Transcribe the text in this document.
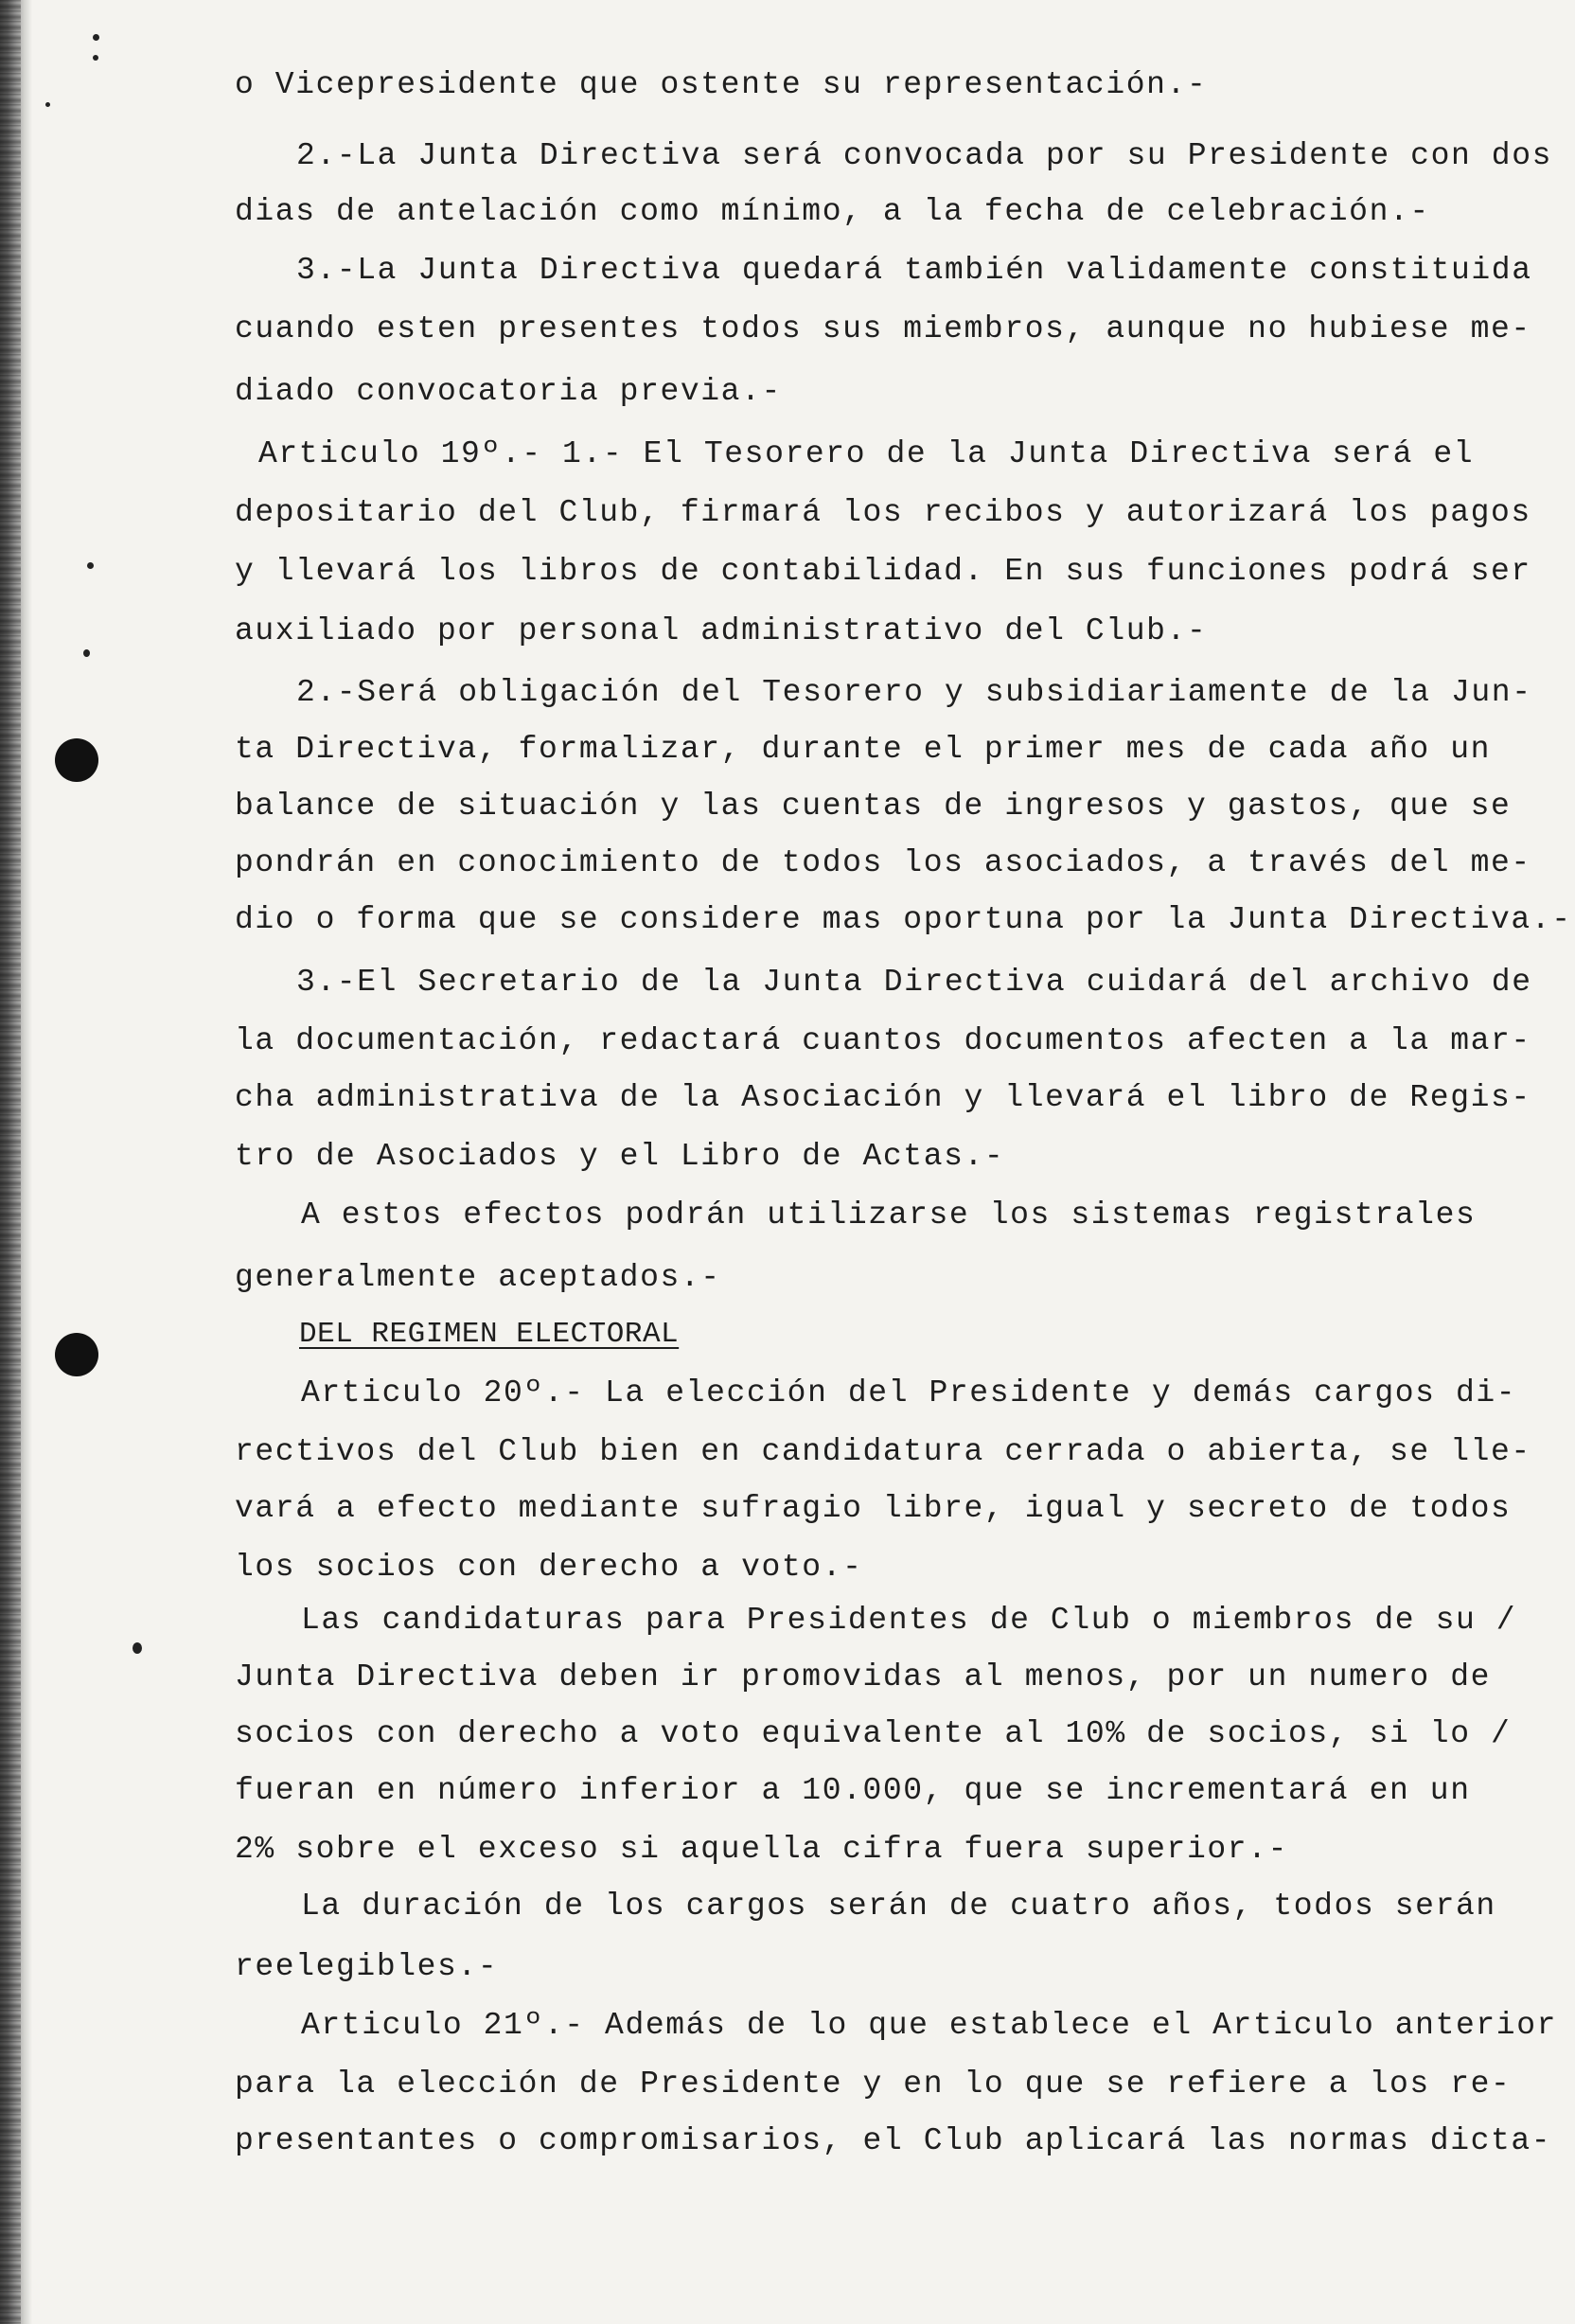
o Vicepresidente que ostente su representación.-
2.-La Junta Directiva será convocada por su Presidente con dos
dias de antelación como mínimo, a la fecha de celebración.-
3.-La Junta Directiva quedará también validamente constituida
cuando esten presentes todos sus miembros, aunque no hubiese me-
diado convocatoria previa.-
Articulo 19º.- 1.- El Tesorero de la Junta Directiva será el
depositario del Club, firmará los recibos y autorizará los pagos
y llevará los libros de contabilidad. En sus funciones podrá ser
auxiliado por personal administrativo del Club.-
2.-Será obligación del Tesorero y subsidiariamente de la Jun-
ta Directiva, formalizar, durante el primer mes de cada año un
balance de situación y las cuentas de ingresos y gastos, que se
pondrán en conocimiento de todos los asociados, a través del me-
dio o forma que se considere mas oportuna por la Junta Directiva.-
3.-El Secretario de la Junta Directiva cuidará del archivo de
la documentación, redactará cuantos documentos afecten a la mar-
cha administrativa de la Asociación y llevará el libro de Regis-
tro de Asociados y el Libro de Actas.-
A estos efectos podrán utilizarse los sistemas registrales
generalmente aceptados.-
DEL REGIMEN ELECTORAL
Articulo 20º.- La elección del Presidente y demás cargos di-
rectivos del Club bien en candidatura cerrada o abierta, se lle-
vará a efecto mediante sufragio libre, igual y secreto de todos
los socios con derecho a voto.-
Las candidaturas para Presidentes de Club o miembros de su /
Junta Directiva deben ir promovidas al menos, por un numero de
socios con derecho a voto equivalente al 10% de socios, si lo /
fueran en número inferior a 10.000, que se incrementará en un
2% sobre el exceso si aquella cifra fuera superior.-
La duración de los cargos serán de cuatro años, todos serán
reelegibles.-
Articulo 21º.- Además de lo que establece el Articulo anterior
para la elección de Presidente y en lo que se refiere a los re-
presentantes o compromisarios, el Club aplicará las normas dicta-
